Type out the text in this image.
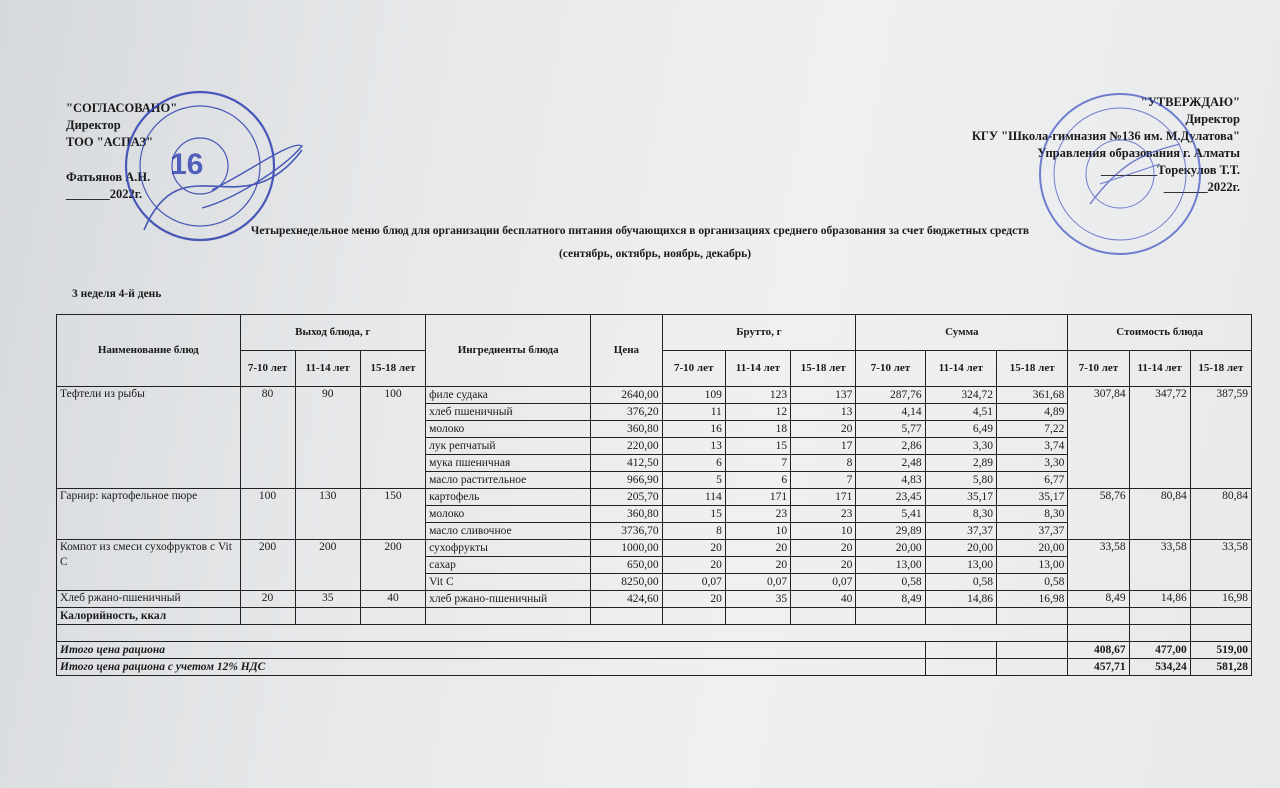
"СОГЛАСОВАНО"
Директор
ТОО "АСПАЗ"
Фатьянов А.Н.
_______2022г.
16
"УТВЕРЖДАЮ"
Директор
КГУ "Школа-гимназия №136 им. М.Дулатова"
Управления образования г. Алматы
_________Торекулов Т.Т.
_______2022г.
Четырехнедельное меню блюд для организации бесплатного питания обучающихся в организациях среднего образования за счет бюджетных средств
(сентябрь, октябрь, ноябрь, декабрь)
3 неделя 4-й день
Наименование блюд	Выход блюда, г			Ингредиенты блюда	Цена	Брутто, г			Сумма			Стоимость блюда		
	7-10 лет	11-14 лет	15-18 лет			7-10 лет	11-14 лет	15-18 лет	7-10 лет	11-14 лет	15-18 лет	7-10 лет	11-14 лет	15-18 лет
Тефтели из рыбы	80	90	100	филе судака	2640,00	109	123	137	287,76	324,72	361,68	307,84	347,72	387,59
				хлеб пшеничный	376,20	11	12	13	4,14	4,51	4,89			
				молоко	360,80	16	18	20	5,77	6,49	7,22			
				лук репчатый	220,00	13	15	17	2,86	3,30	3,74			
				мука пшеничная	412,50	6	7	8	2,48	2,89	3,30			
				масло растительное	966,90	5	6	7	4,83	5,80	6,77			
Гарнир: картофельное пюре	100	130	150	картофель	205,70	114	171	171	23,45	35,17	35,17	58,76	80,84	80,84
				молоко	360,80	15	23	23	5,41	8,30	8,30			
				масло сливочное	3736,70	8	10	10	29,89	37,37	37,37			
Компот из смеси сухофруктов с Vit C	200	200	200	сухофрукты	1000,00	20	20	20	20,00	20,00	20,00	33,58	33,58	33,58
				сахар	650,00	20	20	20	13,00	13,00	13,00			
				Vit C	8250,00	0,07	0,07	0,07	0,58	0,58	0,58			
Хлеб ржано-пшеничный	20	35	40	хлеб ржано-пшеничный	424,60	20	35	40	8,49	14,86	16,98	8,49	14,86	16,98
Калорийность, ккал														

Итого цена рациона												408,67	477,00	519,00
Итого цена рациона с учетом 12% НДС												457,71	534,24	581,28
